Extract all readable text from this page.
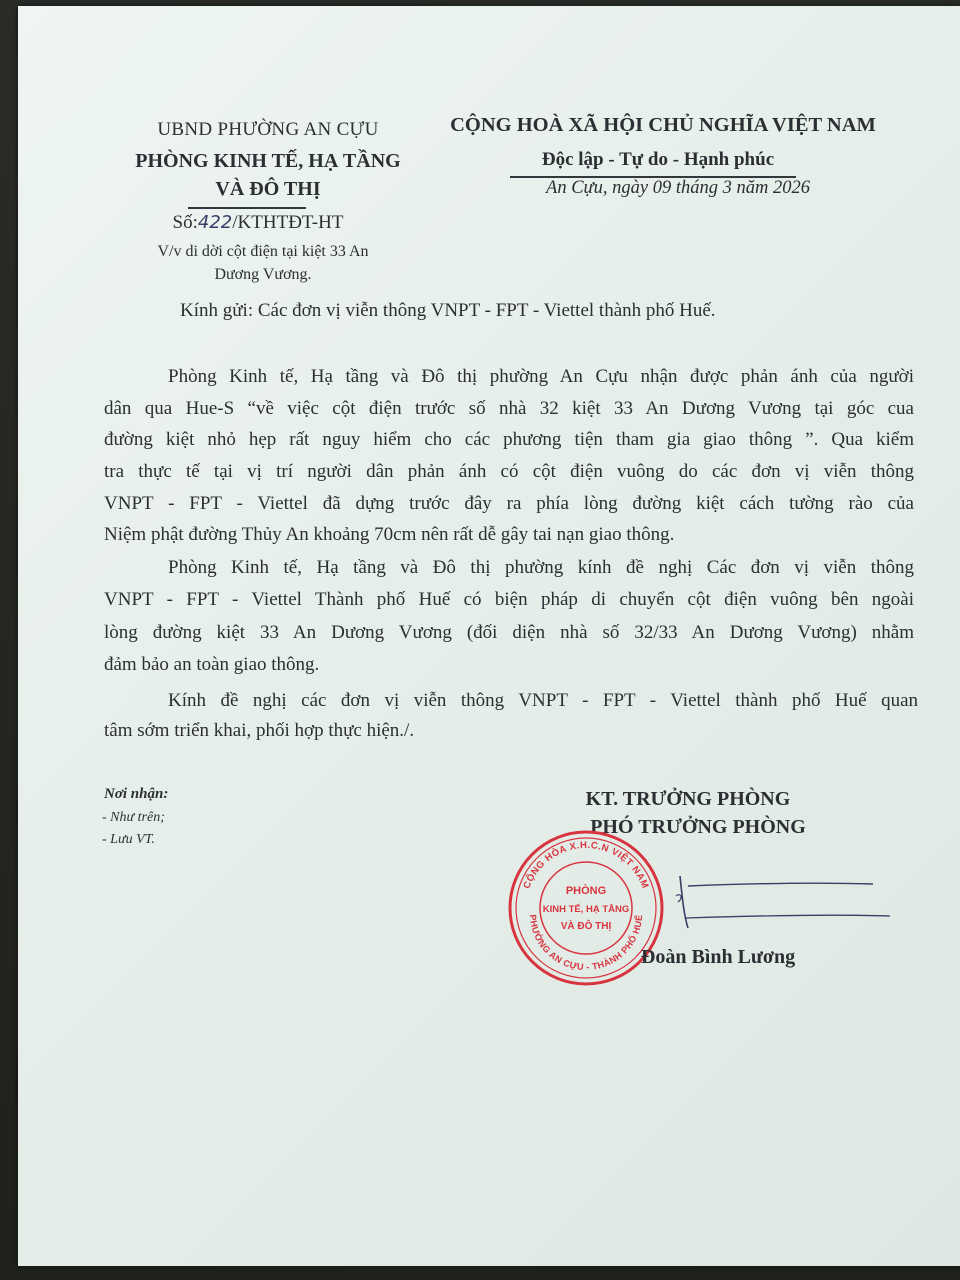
UBND PHƯỜNG AN CỰU
PHÒNG KINH TẾ, HẠ TẦNG
VÀ ĐÔ THỊ
Số:422/KTHTĐT-HT
V/v di dời cột điện tại kiệt 33 An
Dương Vương.
CỘNG HOÀ XÃ HỘI CHỦ NGHĨA VIỆT NAM
Độc lập - Tự do - Hạnh phúc
An Cựu, ngày 09 tháng 3 năm 2026
Kính gửi: Các đơn vị viễn thông VNPT - FPT - Viettel thành phố Huế.
Phòng Kinh tế, Hạ tầng và Đô thị phường An Cựu nhận được phản ánh của người
dân qua Hue-S “về việc cột điện trước số nhà 32 kiệt 33 An Dương Vương tại góc cua
đường kiệt nhỏ hẹp rất nguy hiểm cho các phương tiện tham gia giao thông ”. Qua kiểm
tra thực tế tại vị trí người dân phản ánh có cột điện vuông do các đơn vị viễn thông
VNPT - FPT - Viettel đã dựng trước đây ra phía lòng đường kiệt cách tường rào của
Niệm phật đường Thủy An khoảng 70cm nên rất dễ gây tai nạn giao thông.
Phòng Kinh tế, Hạ tầng và Đô thị phường kính đề nghị Các đơn vị viễn thông
VNPT - FPT - Viettel Thành phố Huế có biện pháp di chuyển cột điện vuông bên ngoài
lòng đường kiệt 33 An Dương Vương (đối diện nhà số 32/33 An Dương Vương) nhằm
đảm bảo an toàn giao thông.
Kính đề nghị các đơn vị viễn thông VNPT - FPT - Viettel thành phố Huế quan
tâm sớm triển khai, phối hợp thực hiện./.
Nơi nhận:
- Như trên;
- Lưu VT.
KT. TRƯỞNG PHÒNG
PHÓ TRƯỞNG PHÒNG
CỘNG HÒA X.H.C.N VIỆT NAM
PHƯỜNG AN CỰU - THÀNH PHỐ HUẾ
PHÒNG
KINH TẾ, HẠ TẦNG
VÀ ĐÔ THỊ
Đoàn Bình Lương
